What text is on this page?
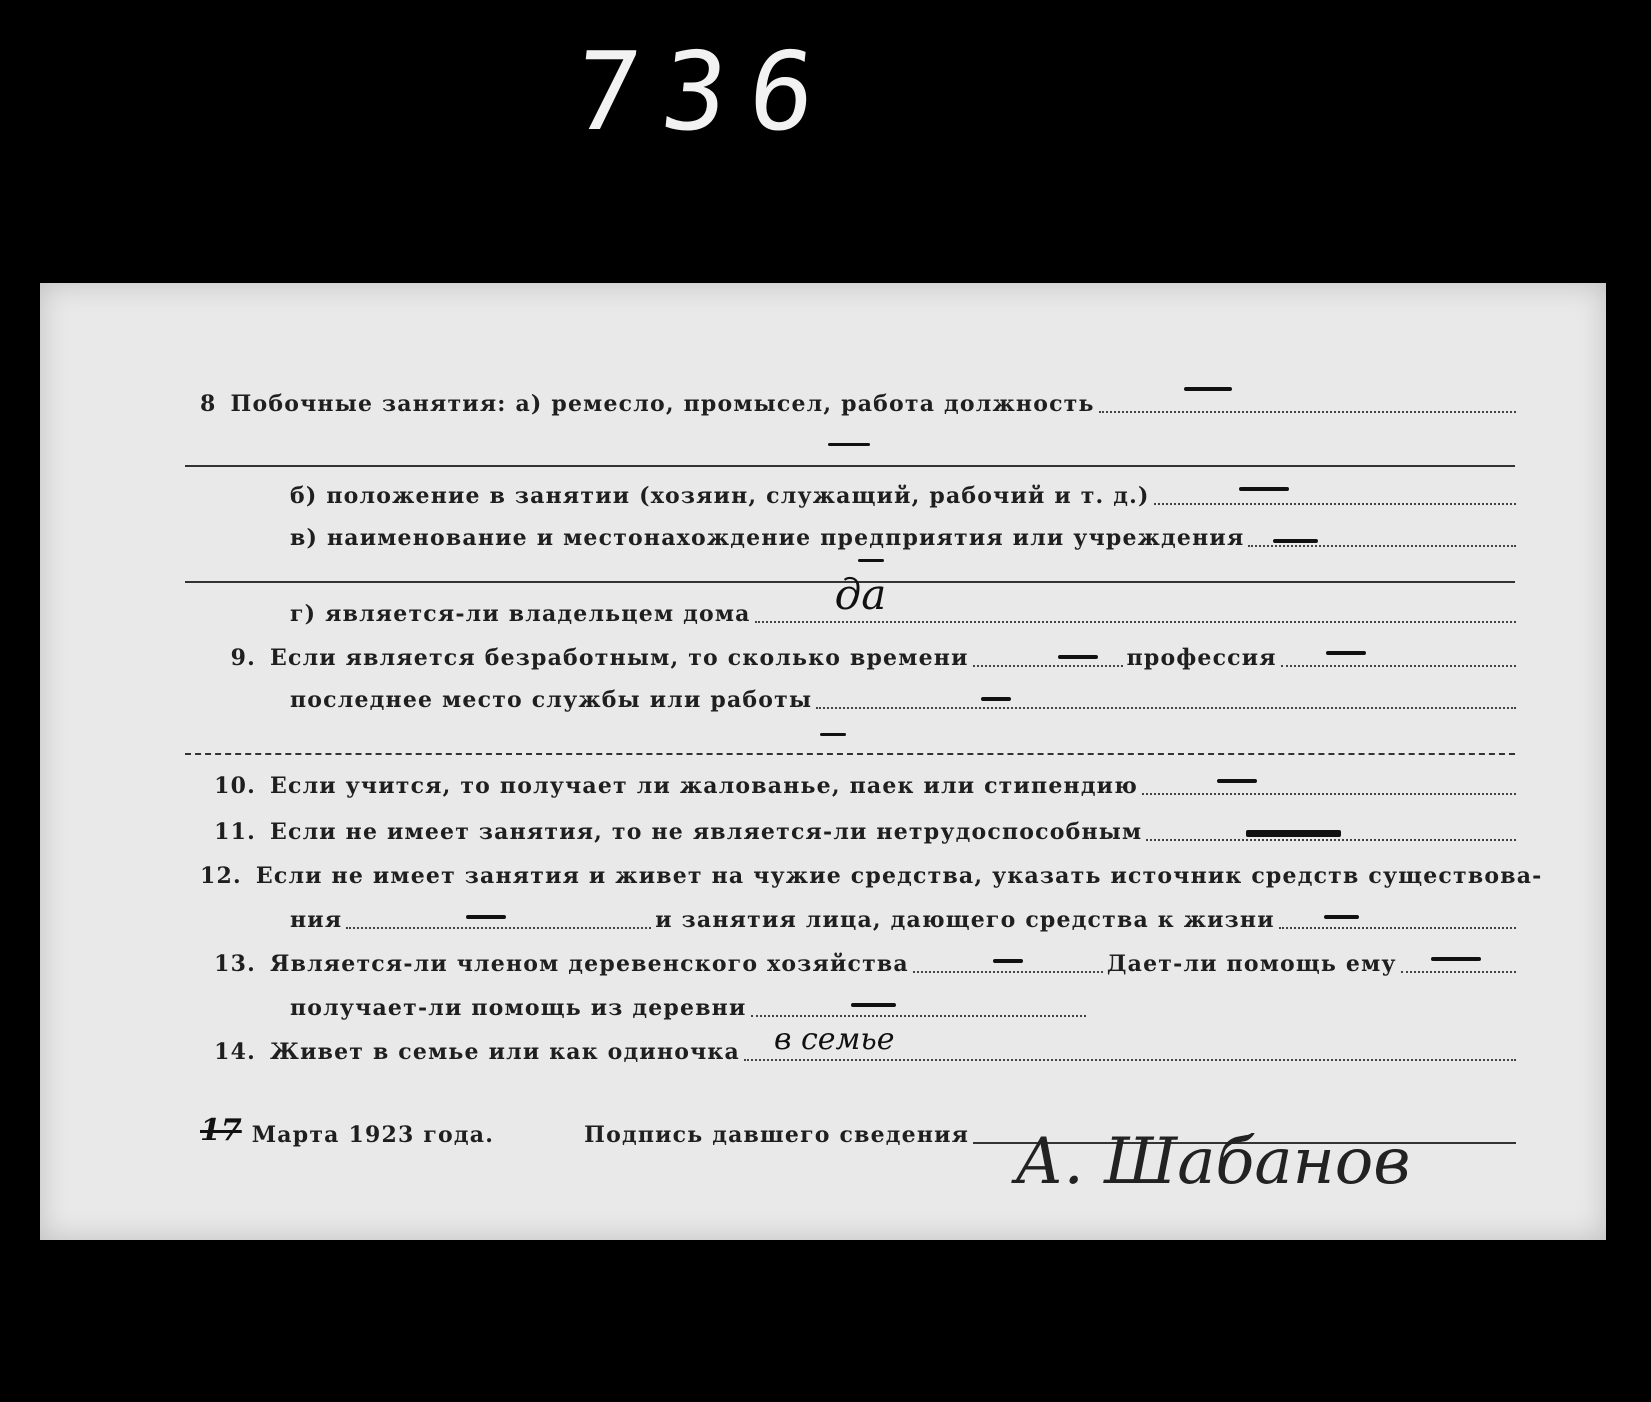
736
8 Побочные занятия: а) ремесло, промысел, работа должность
б) положение в занятии (хозяин, служащий, рабочий и т. д.)
в) наименование и местонахождение предприятия или учреждения
г) является-ли владельцем дома да
9. Если является безработным, то сколько времени	профессия
последнее место службы или работы
10. Если учится, то получает ли жалованье, паек или стипендию
11. Если не имеет занятия, то не является-ли нетрудоспособным
12. Если не имеет занятия и живет на чужие средства, указать источник средств существова-
ния	и занятия лица, дающего средства к жизни
13. Является-ли членом деревенского хозяйства	Дает-ли помощь ему
получает-ли помощь из деревни
14. Живет в семье или как одиночка в семье
17 Марта 1923 года.	Подпись давшего сведения А. Шабанов
